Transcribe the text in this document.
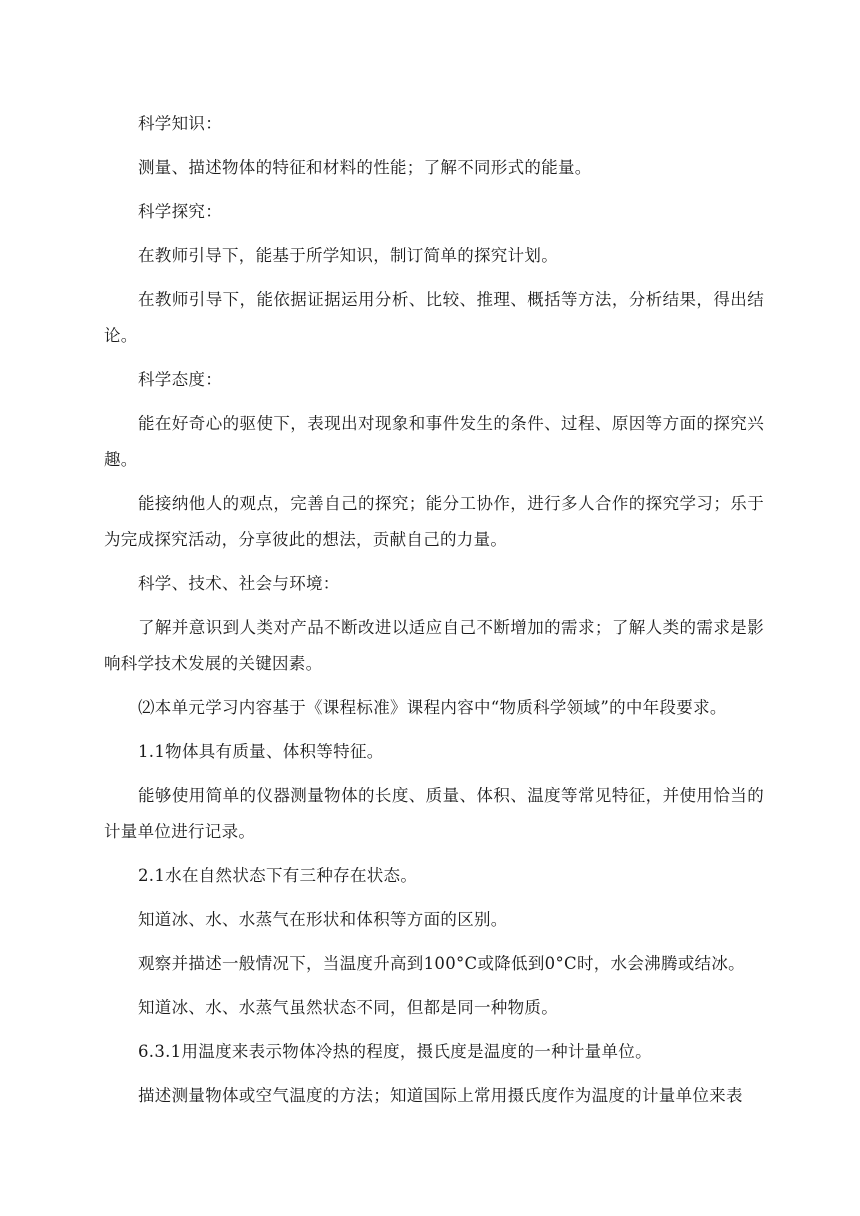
科学知识：

测量、描述物体的特征和材料的性能；了解不同形式的能量。

科学探究：

在教师引导下，能基于所学知识，制订简单的探究计划。

在教师引导下，能依据证据运用分析、比较、推理、概括等方法，分析结果，得出结论。

科学态度：

能在好奇心的驱使下，表现出对现象和事件发生的条件、过程、原因等方面的探究兴趣。

能接纳他人的观点，完善自己的探究；能分工协作，进行多人合作的探究学习；乐于为完成探究活动，分享彼此的想法，贡献自己的力量。

科学、技术、社会与环境：

了解并意识到人类对产品不断改进以适应自己不断增加的需求；了解人类的需求是影响科学技术发展的关键因素。

⑵本单元学习内容基于《课程标准》课程内容中“物质科学领域”的中年段要求。

1.1物体具有质量、体积等特征。

能够使用简单的仪器测量物体的长度、质量、体积、温度等常见特征，并使用恰当的计量单位进行记录。

2.1水在自然状态下有三种存在状态。

知道冰、水、水蒸气在形状和体积等方面的区别。

观察并描述一般情况下，当温度升高到100°C或降低到0°C时，水会沸腾或结冰。

知道冰、水、水蒸气虽然状态不同，但都是同一种物质。

6.3.1用温度来表示物体冷热的程度，摄氏度是温度的一种计量单位。

描述测量物体或空气温度的方法；知道国际上常用摄氏度作为温度的计量单位来表
